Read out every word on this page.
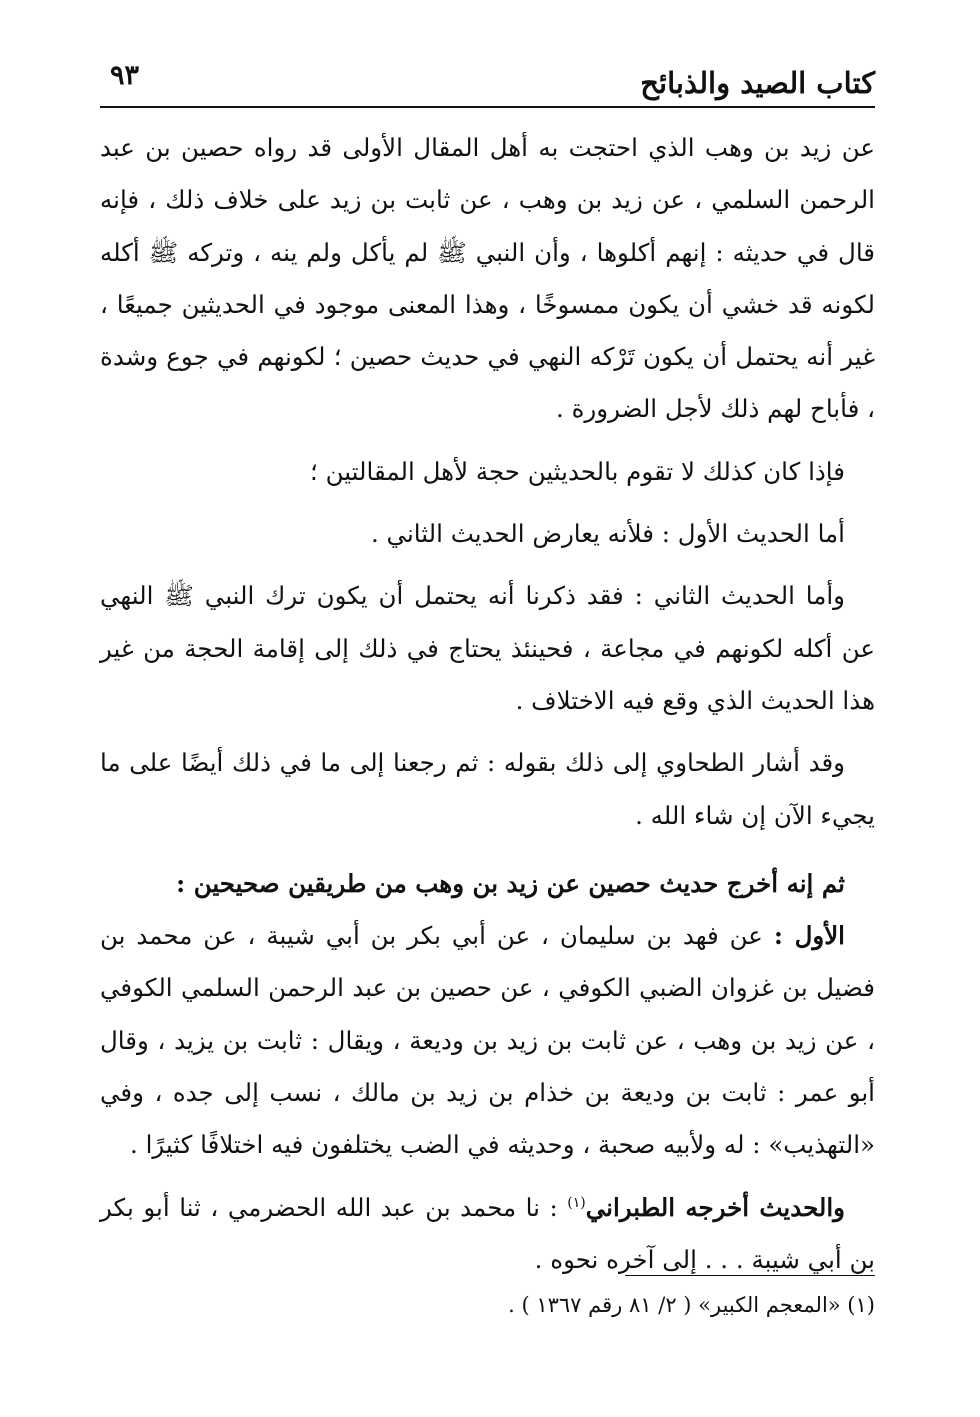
كتاب الصيد والذبائح
٩٣

عن زيد بن وهب الذي احتجت به أهل المقال الأولى قد رواه حصين بن عبد الرحمن السلمي ، عن زيد بن وهب ، عن ثابت بن زيد على خلاف ذلك ، فإنه قال في حديثه : إنهم أكلوها ، وأن النبي ﷺ لم يأكل ولم ينه ، وتركه ﷺ أكله لكونه قد خشي أن يكون ممسوخًا ، وهذا المعنى موجود في الحديثين جميعًا ، غير أنه يحتمل أن يكون تَرْكه النهي في حديث حصين ؛ لكونهم في جوع وشدة ، فأباح لهم ذلك لأجل الضرورة .

فإذا كان كذلك لا تقوم بالحديثين حجة لأهل المقالتين ؛

أما الحديث الأول : فلأنه يعارض الحديث الثاني .

وأما الحديث الثاني : فقد ذكرنا أنه يحتمل أن يكون ترك النبي ﷺ النهي عن أكله لكونهم في مجاعة ، فحينئذ يحتاج في ذلك إلى إقامة الحجة من غير هذا الحديث الذي وقع فيه الاختلاف .

وقد أشار الطحاوي إلى ذلك بقوله : ثم رجعنا إلى ما في ذلك أيضًا على ما يجيء الآن إن شاء الله .

ثم إنه أخرج حديث حصين عن زيد بن وهب من طريقين صحيحين :

الأول : عن فهد بن سليمان ، عن أبي بكر بن أبي شيبة ، عن محمد بن فضيل بن غزوان الضبي الكوفي ، عن حصين بن عبد الرحمن السلمي الكوفي ، عن زيد بن وهب ، عن ثابت بن زيد بن وديعة ، ويقال : ثابت بن يزيد ، وقال أبو عمر : ثابت بن وديعة بن خذام بن زيد بن مالك ، نسب إلى جده ، وفي «التهذيب» : له ولأبيه صحبة ، وحديثه في الضب يختلفون فيه اختلافًا كثيرًا .

والحديث أخرجه الطبراني$^{(١)}$ : نا محمد بن عبد الله الحضرمي ، ثنا أبو بكر بن أبي شيبة . . . إلى آخره نحوه .

(١) «المعجم الكبير» ( ٢/ ٨١ رقم ١٣٦٧ ) .
